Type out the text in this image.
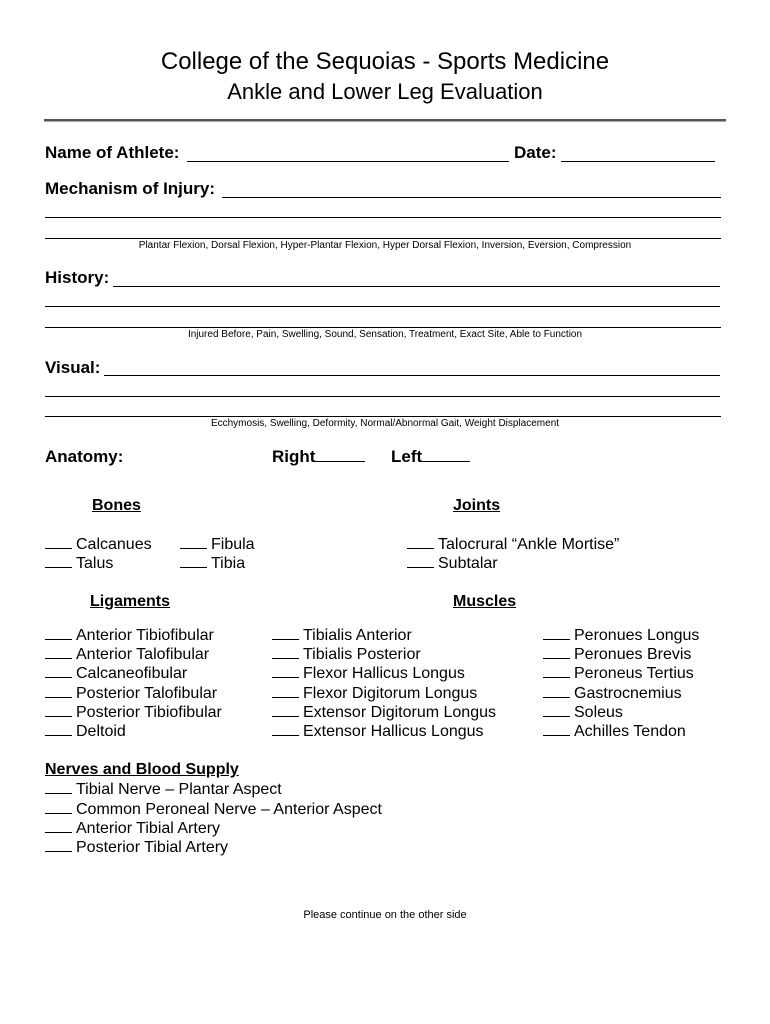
College of the Sequoias - Sports Medicine
Ankle and Lower Leg Evaluation
Name of Athlete:	Date:
Mechanism of Injury:
Plantar Flexion, Dorsal Flexion, Hyper-Plantar Flexion, Hyper Dorsal Flexion, Inversion, Eversion, Compression
History:
Injured Before, Pain, Swelling, Sound, Sensation, Treatment, Exact Site, Able to Function
Visual:
Ecchymosis, Swelling, Deformity, Normal/Abnormal Gait, Weight Displacement
Anatomy:	Right	Left
Bones	Joints
Calcanues
Talus
Fibula
Tibia
Talocrural “Ankle Mortise”
Subtalar
Ligaments	Muscles
Anterior Tibiofibular
Anterior Talofibular
Calcaneofibular
Posterior Talofibular
Posterior Tibiofibular
Deltoid
Tibialis Anterior
Tibialis Posterior
Flexor Hallicus Longus
Flexor Digitorum Longus
Extensor Digitorum Longus
Extensor Hallicus Longus
Peronues Longus
Peronues Brevis
Peroneus Tertius
Gastrocnemius
Soleus
Achilles Tendon
Nerves and Blood Supply
Tibial Nerve – Plantar Aspect
Common Peroneal Nerve – Anterior Aspect
Anterior Tibial Artery
Posterior Tibial Artery
Please continue on the other side
